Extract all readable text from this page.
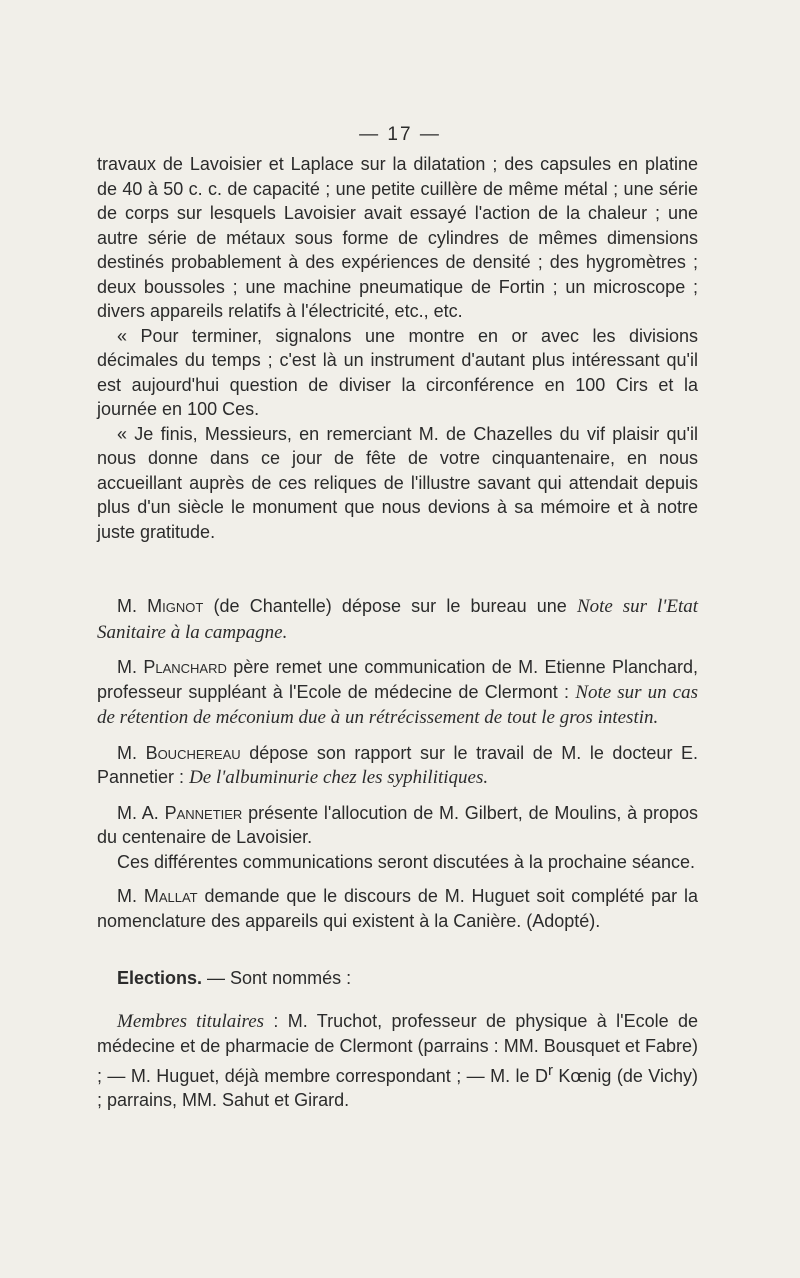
— 17 —

travaux de Lavoisier et Laplace sur la dilatation ; des capsules en platine de 40 à 50 c. c. de capacité ; une petite cuillère de même métal ; une série de corps sur lesquels Lavoisier avait essayé l'action de la chaleur ; une autre série de métaux sous forme de cylindres de mêmes dimensions destinés probablement à des expériences de densité ; des hygromètres ; deux boussoles ; une machine pneumatique de Fortin ; un microscope ; divers appareils relatifs à l'électricité, etc., etc.

« Pour terminer, signalons une montre en or avec les divisions décimales du temps ; c'est là un instrument d'autant plus intéressant qu'il est aujourd'hui question de diviser la circonférence en 100 Cirs et la journée en 100 Ces.

« Je finis, Messieurs, en remerciant M. de Chazelles du vif plaisir qu'il nous donne dans ce jour de fête de votre cinquantenaire, en nous accueillant auprès de ces reliques de l'illustre savant qui attendait depuis plus d'un siècle le monument que nous devions à sa mémoire et à notre juste gratitude.

M. Mignot (de Chantelle) dépose sur le bureau une Note sur l'Etat Sanitaire à la campagne.

M. Planchard père remet une communication de M. Etienne Planchard, professeur suppléant à l'Ecole de médecine de Clermont : Note sur un cas de rétention de méconium due à un rétrécissement de tout le gros intestin.

M. Bouchereau dépose son rapport sur le travail de M. le docteur E. Pannetier : De l'albuminurie chez les syphilitiques.

M. A. Pannetier présente l'allocution de M. Gilbert, de Moulins, à propos du centenaire de Lavoisier.

Ces différentes communications seront discutées à la prochaine séance.

M. Mallat demande que le discours de M. Huguet soit complété par la nomenclature des appareils qui existent à la Canière. (Adopté).

Elections. — Sont nommés :

Membres titulaires : M. Truchot, professeur de physique à l'Ecole de médecine et de pharmacie de Clermont (parrains : MM. Bousquet et Fabre) ; — M. Huguet, déjà membre correspondant ; — M. le $D^r$ Kœnig (de Vichy) ; parrains, MM. Sahut et Girard.
